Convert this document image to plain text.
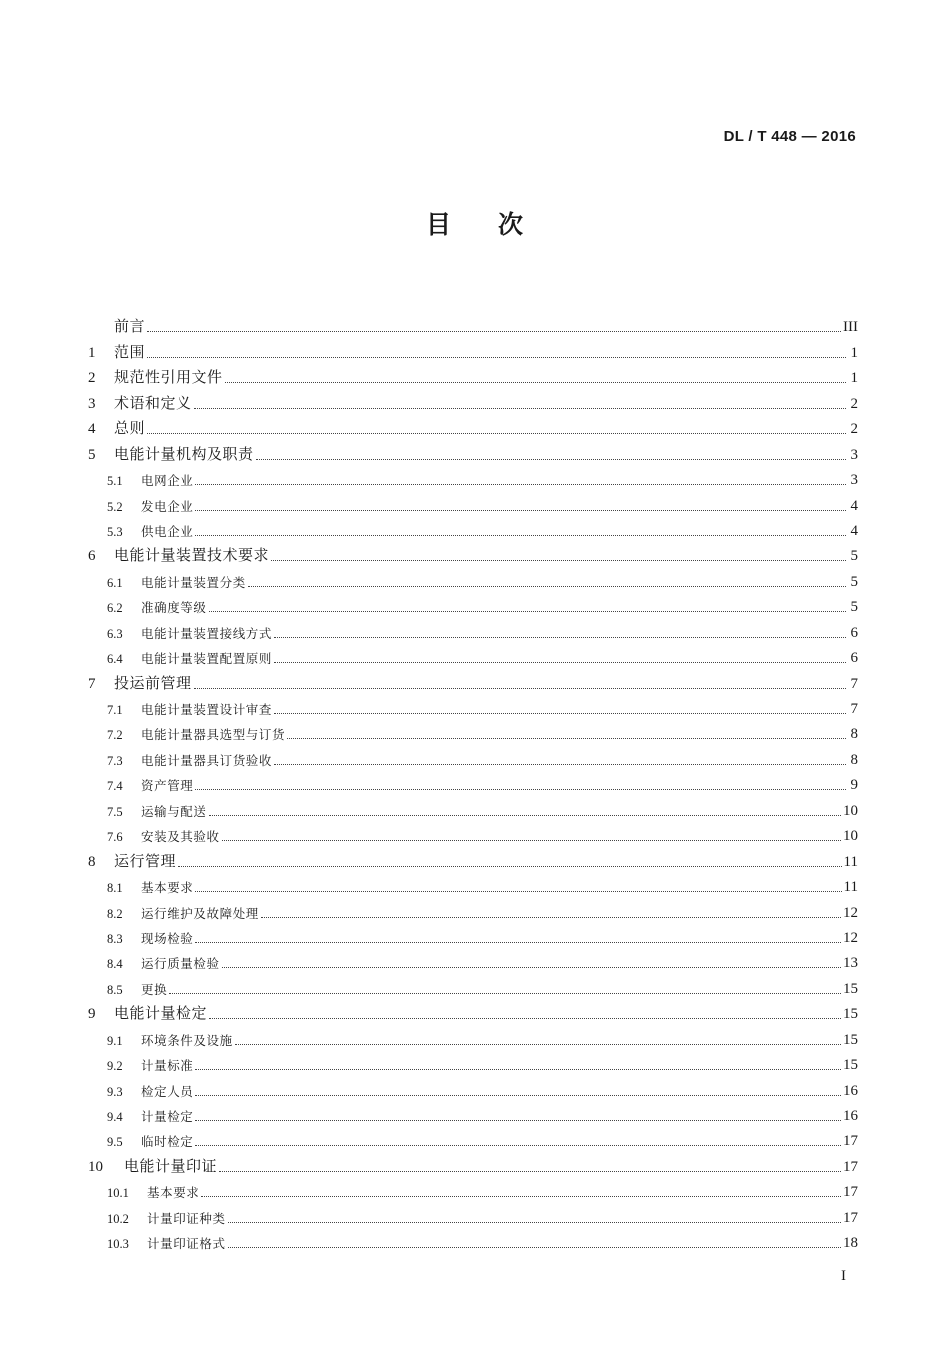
DL / T 448 — 2016
目 次
前言	III
1	范围	1
2	规范性引用文件	1
3	术语和定义	2
4	总则	2
5	电能计量机构及职责	3
5.1	电网企业	3
5.2	发电企业	4
5.3	供电企业	4
6	电能计量装置技术要求	5
6.1	电能计量装置分类	5
6.2	准确度等级	5
6.3	电能计量装置接线方式	6
6.4	电能计量装置配置原则	6
7	投运前管理	7
7.1	电能计量装置设计审查	7
7.2	电能计量器具选型与订货	8
7.3	电能计量器具订货验收	8
7.4	资产管理	9
7.5	运输与配送	10
7.6	安装及其验收	10
8	运行管理	11
8.1	基本要求	11
8.2	运行维护及故障处理	12
8.3	现场检验	12
8.4	运行质量检验	13
8.5	更换	15
9	电能计量检定	15
9.1	环境条件及设施	15
9.2	计量标准	15
9.3	检定人员	16
9.4	计量检定	16
9.5	临时检定	17
10	电能计量印证	17
10.1	基本要求	17
10.2	计量印证种类	17
10.3	计量印证格式	18
I
